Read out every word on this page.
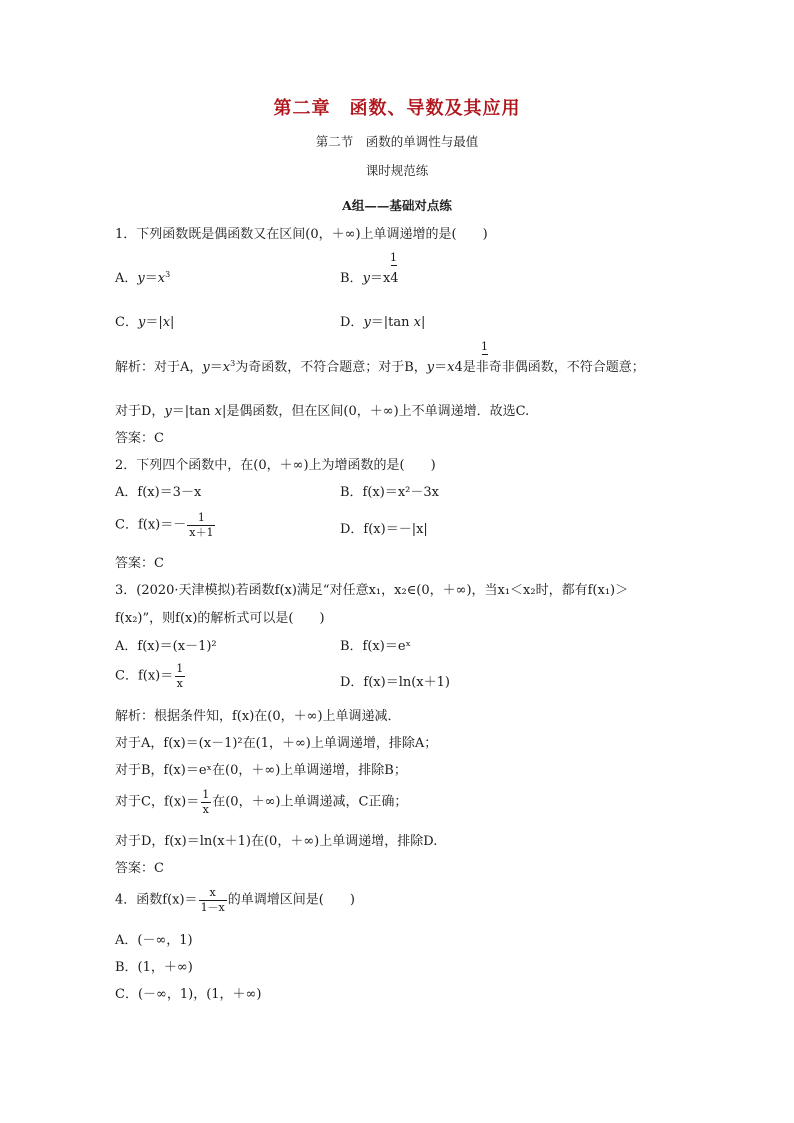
第二章　函数、导数及其应用
第二节　函数的单调性与最值
课时规范练
A组——基础对点练
1．下列函数既是偶函数又在区间(0，＋∞)上单调递增的是(　　)
A．$y=x^3$	B．y＝x4
1
C．y＝|x|	D．y＝|tan x|
解析：对于A，$y=x^3$为奇函数，不符合题意；对于B，y＝x4是非奇非偶函数，不符合题意；
1
对于D，y＝|tan x|是偶函数，但在区间(0，＋∞)上不单调递增．故选C.
答案：C
2．下列四个函数中，在(0，＋∞)上为增函数的是(　　)
A．f(x)＝3－x	B．f(x)＝x²－3x
C．$f(x)=- \frac{1}{x+1}$	D．f(x)＝－|x|
答案：C
3．(2020·天津模拟)若函数f(x)满足“对任意x₁，x₂∈(0，＋∞)，当x₁＜x₂时，都有f(x₁)＞
f(x₂)”，则f(x)的解析式可以是(　　)
A．f(x)＝(x－1)²	B．f(x)＝eˣ
C．$f(x)= \frac{1}{x}$	D．f(x)＝ln(x＋1)
解析：根据条件知，f(x)在(0，＋∞)上单调递减．
对于A，f(x)＝(x－1)²在(1，＋∞)上单调递增，排除A；
对于B，f(x)＝eˣ在(0，＋∞)上单调递增，排除B；
对于C，$f(x)= \frac{1}{x}$ 在(0，＋∞)上单调递减，C正确；
对于D，f(x)＝ln(x＋1)在(0，＋∞)上单调递增，排除D.
答案：C
4．函数$f(x)= \frac{x}{1-x}$ 的单调增区间是(　　)
A．(－∞，1)
B．(1，＋∞)
C．(－∞，1)，(1，＋∞)
